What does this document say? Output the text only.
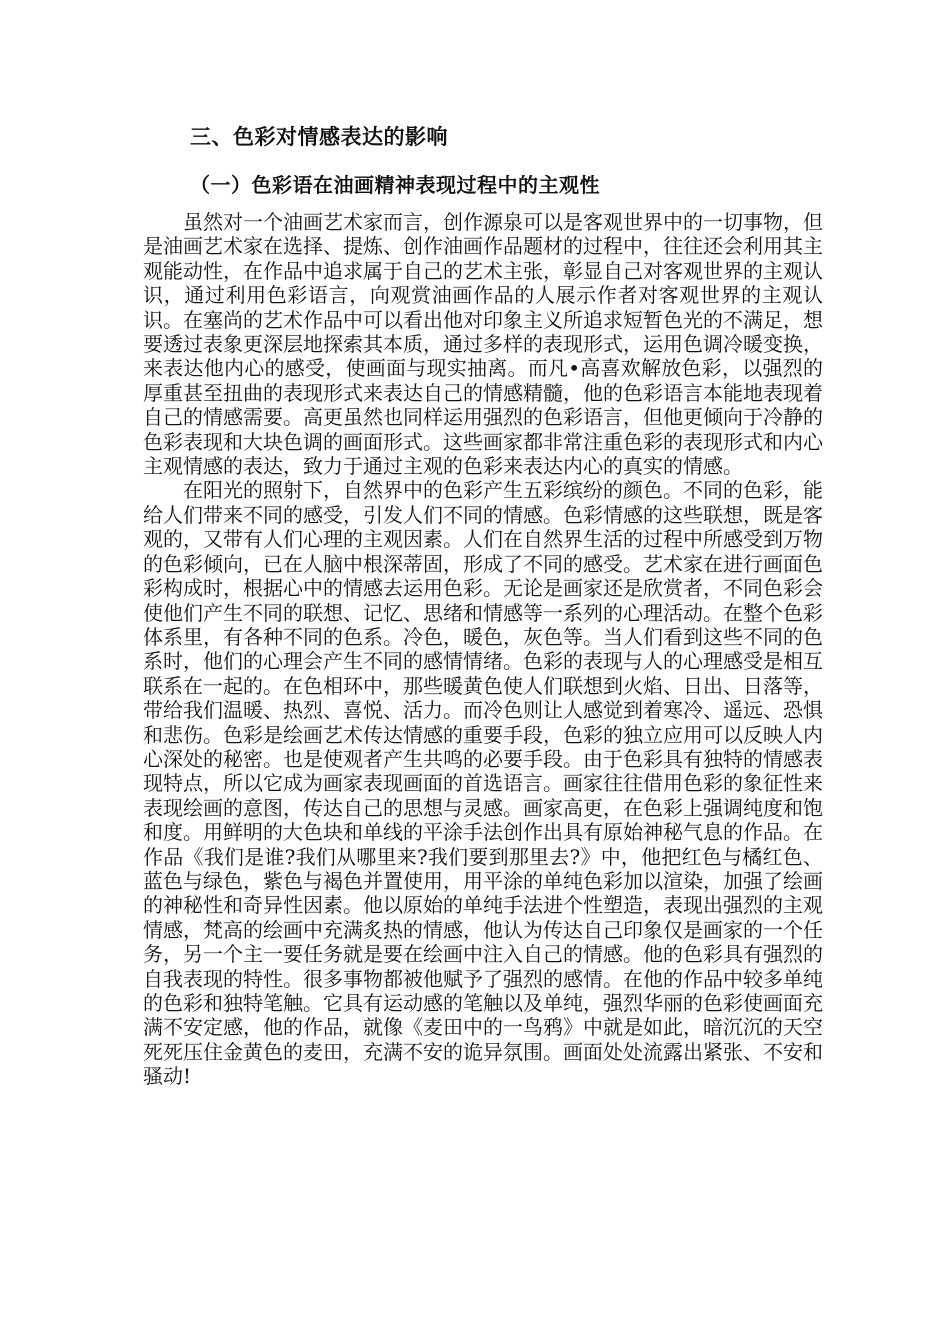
三、色彩对情感表达的影响
（一）色彩语在油画精神表现过程中的主观性

虽然对一个油画艺术家而言，创作源泉可以是客观世界中的一切事物，但是油画艺术家在选择、提炼、创作油画作品题材的过程中，往往还会利用其主观能动性，在作品中追求属于自己的艺术主张，彰显自己对客观世界的主观认识，通过利用色彩语言，向观赏油画作品的人展示作者对客观世界的主观认识。在塞尚的艺术作品中可以看出他对印象主义所追求短暂色光的不满足，想要透过表象更深层地探索其本质，通过多样的表现形式，运用色调冷暖变换，来表达他内心的感受，使画面与现实抽离。而凡•高喜欢解放色彩，以强烈的厚重甚至扭曲的表现形式来表达自己的情感精髓，他的色彩语言本能地表现着自己的情感需要。高更虽然也同样运用强烈的色彩语言，但他更倾向于冷静的色彩表现和大块色调的画面形式。这些画家都非常注重色彩的表现形式和内心主观情感的表达，致力于通过主观的色彩来表达内心的真实的情感。

在阳光的照射下，自然界中的色彩产生五彩缤纷的颜色。不同的色彩，能给人们带来不同的感受，引发人们不同的情感。色彩情感的这些联想，既是客观的，又带有人们心理的主观因素。人们在自然界生活的过程中所感受到万物的色彩倾向，已在人脑中根深蒂固，形成了不同的感受。艺术家在进行画面色彩构成时，根据心中的情感去运用色彩。无论是画家还是欣赏者，不同色彩会使他们产生不同的联想、记忆、思绪和情感等一系列的心理活动。在整个色彩体系里，有各种不同的色系。冷色，暖色，灰色等。当人们看到这些不同的色系时，他们的心理会产生不同的感情情绪。色彩的表现与人的心理感受是相互联系在一起的。在色相环中，那些暖黄色使人们联想到火焰、日出、日落等，带给我们温暖、热烈、喜悦、活力。而冷色则让人感觉到着寒冷、遥远、恐惧和悲伤。色彩是绘画艺术传达情感的重要手段，色彩的独立应用可以反映人内心深处的秘密。也是使观者产生共鸣的必要手段。由于色彩具有独特的情感表现特点，所以它成为画家表现画面的首选语言。画家往往借用色彩的象征性来表现绘画的意图，传达自己的思想与灵感。画家高更，在色彩上强调纯度和饱和度。用鲜明的大色块和单线的平涂手法创作出具有原始神秘气息的作品。在作品《我们是谁?我们从哪里来?我们要到那里去?》中，他把红色与橘红色、蓝色与绿色，紫色与褐色并置使用，用平涂的单纯色彩加以渲染，加强了绘画的神秘性和奇异性因素。他以原始的单纯手法进个性塑造，表现出强烈的主观情感，梵高的绘画中充满炙热的情感，他认为传达自己印象仅是画家的一个任务，另一个主一要任务就是要在绘画中注入自己的情感。他的色彩具有强烈的自我表现的特性。很多事物都被他赋予了强烈的感情。在他的作品中较多单纯的色彩和独特笔触。它具有运动感的笔触以及单纯，强烈华丽的色彩使画面充满不安定感，他的作品，就像《麦田中的一鸟鸦》中就是如此，暗沉沉的天空死死压住金黄色的麦田，充满不安的诡异氛围。画面处处流露出紧张、不安和骚动!
